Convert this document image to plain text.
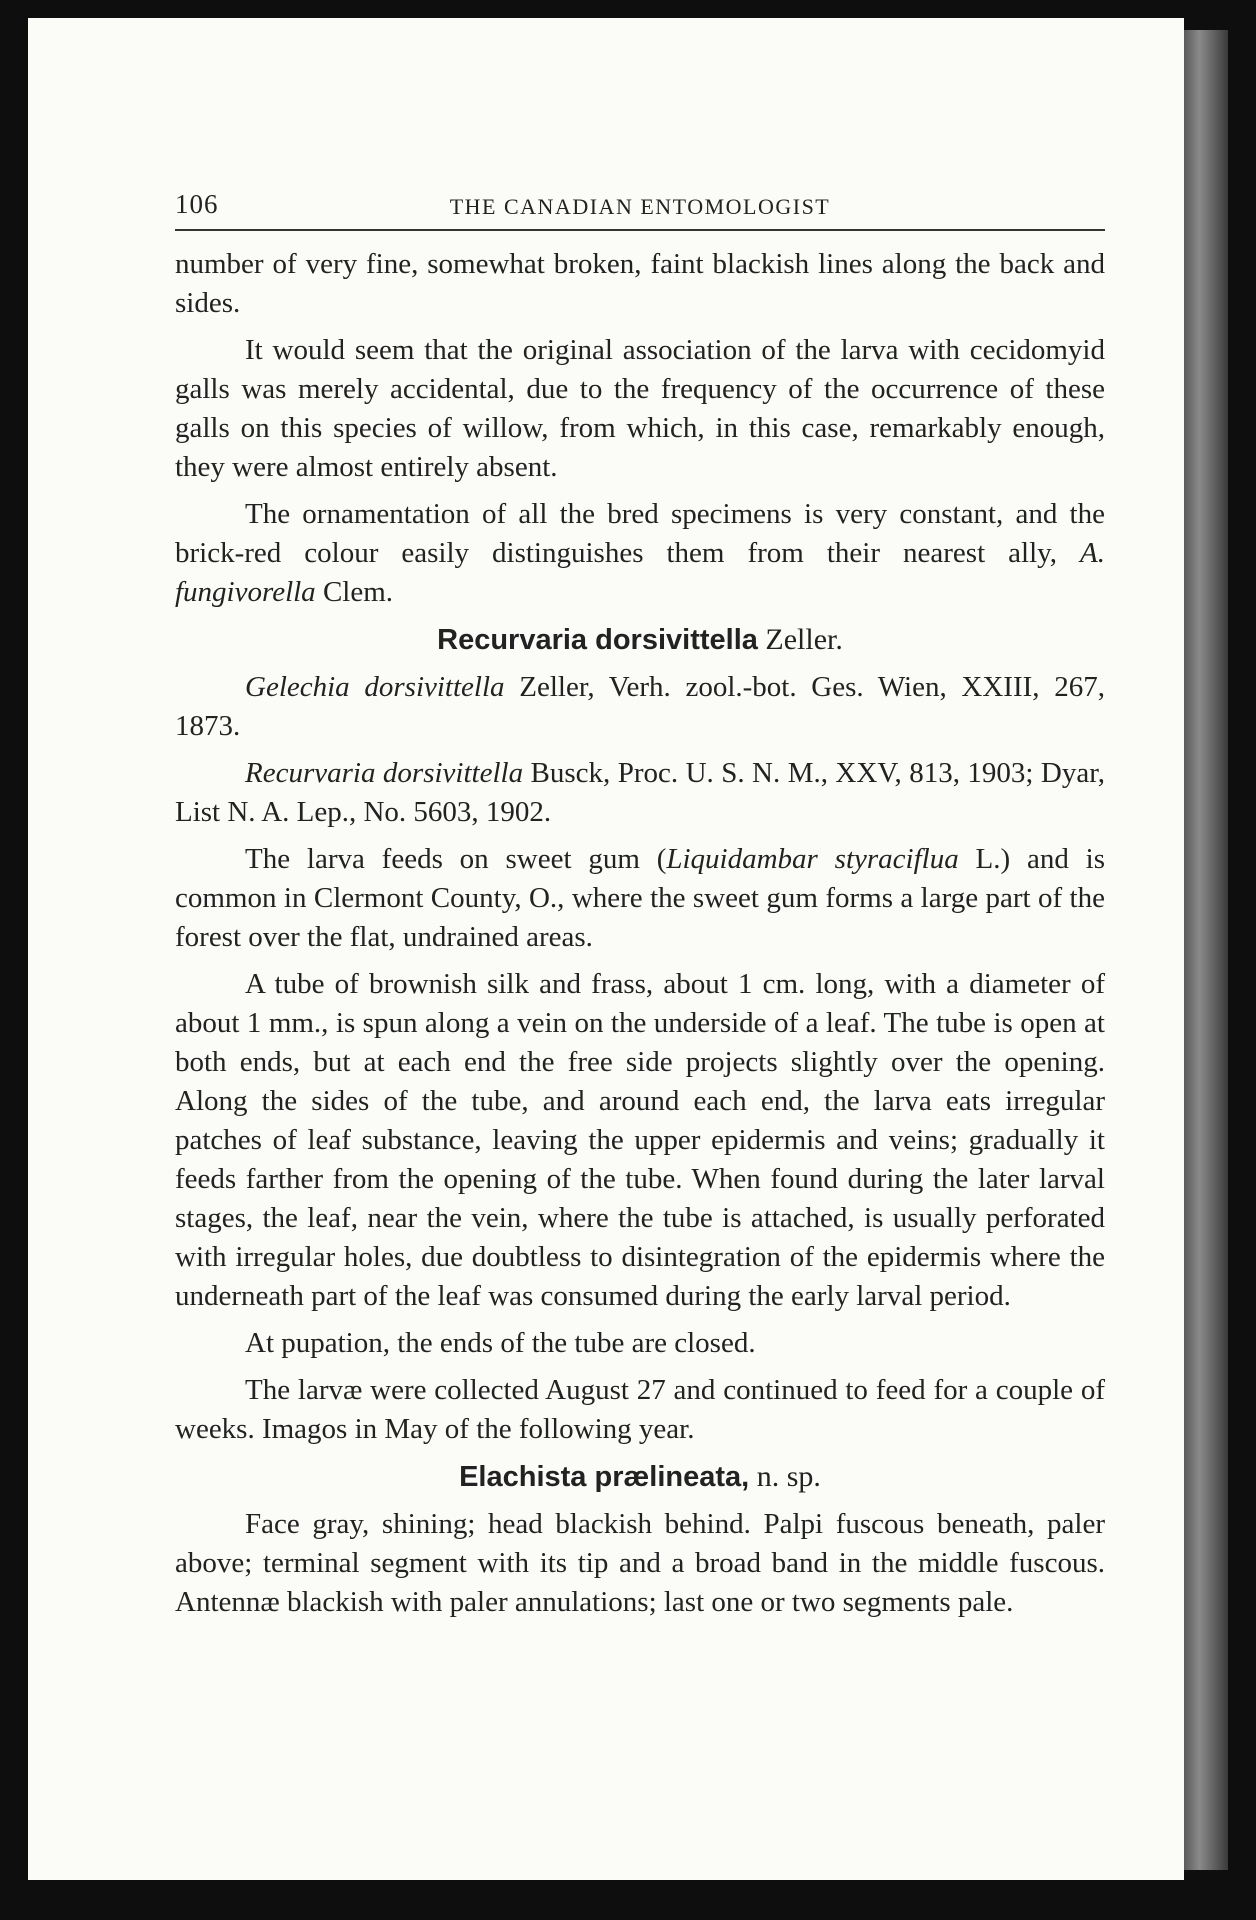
106	THE CANADIAN ENTOMOLOGIST

number of very fine, somewhat broken, faint blackish lines along the back and sides.

It would seem that the original association of the larva with cecidomyid galls was merely accidental, due to the frequency of the occurrence of these galls on this species of willow, from which, in this case, remarkably enough, they were almost entirely absent.

The ornamentation of all the bred specimens is very constant, and the brick-red colour easily distinguishes them from their nearest ally, A. fungivorella Clem.

Recurvaria dorsivittella Zeller.

Gelechia dorsivittella Zeller, Verh. zool.-bot. Ges. Wien, XXIII, 267, 1873.

Recurvaria dorsivittella Busck, Proc. U. S. N. M., XXV, 813, 1903; Dyar, List N. A. Lep., No. 5603, 1902.

The larva feeds on sweet gum (Liquidambar styraciflua L.) and is common in Clermont County, O., where the sweet gum forms a large part of the forest over the flat, undrained areas.

A tube of brownish silk and frass, about 1 cm. long, with a diameter of about 1 mm., is spun along a vein on the underside of a leaf. The tube is open at both ends, but at each end the free side projects slightly over the opening. Along the sides of the tube, and around each end, the larva eats irregular patches of leaf substance, leaving the upper epidermis and veins; gradually it feeds farther from the opening of the tube. When found during the later larval stages, the leaf, near the vein, where the tube is attached, is usually perforated with irregular holes, due doubtless to disintegration of the epidermis where the underneath part of the leaf was consumed during the early larval period.

At pupation, the ends of the tube are closed.

The larvæ were collected August 27 and continued to feed for a couple of weeks. Imagos in May of the following year.

Elachista prælineata, n. sp.

Face gray, shining; head blackish behind. Palpi fuscous beneath, paler above; terminal segment with its tip and a broad band in the middle fuscous. Antennæ blackish with paler annulations; last one or two segments pale.
